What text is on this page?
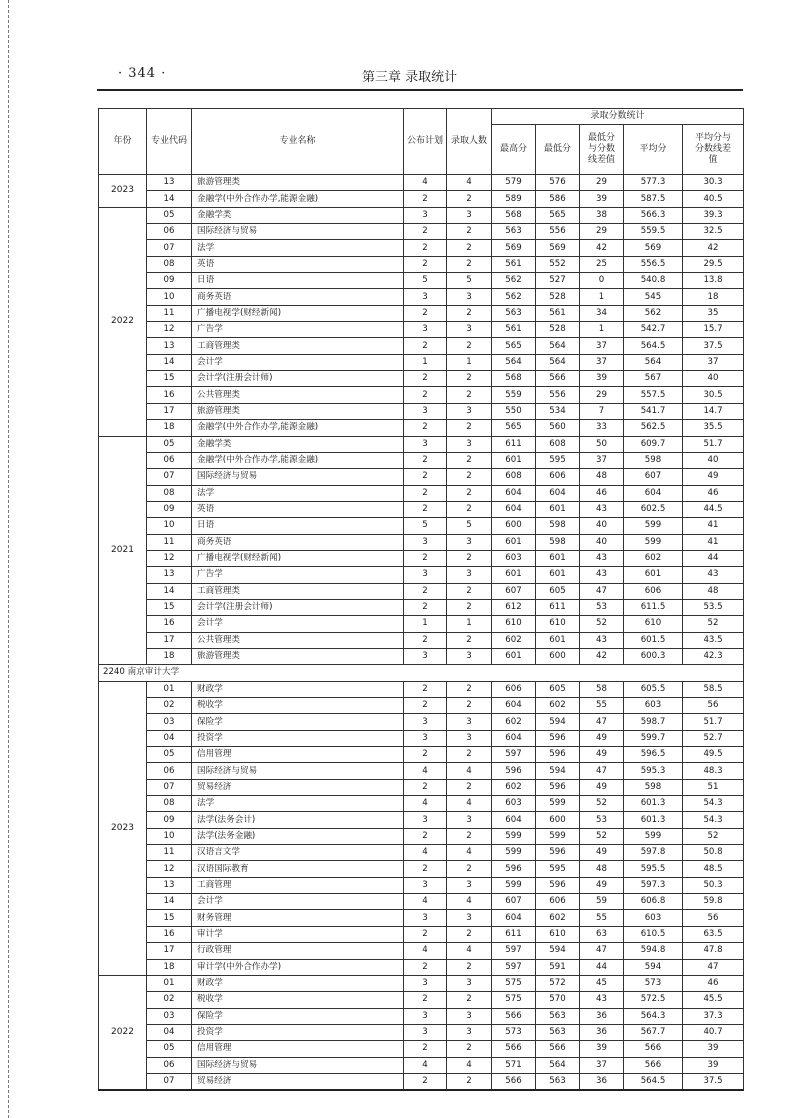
· 344 ·	第三章 录取统计
年份	专业代码	专业名称	公布计划	录取人数	录取分数统计				
					最高分	最低分	最低分与分数线差值	平均分	平均分与分数线差值
2023	13	旅游管理类	4	4	579	576	29	577.3	30.3
	14	金融学(中外合作办学,能源金融)	2	2	589	586	39	587.5	40.5
2022	05	金融学类	3	3	568	565	38	566.3	39.3
	06	国际经济与贸易	2	2	563	556	29	559.5	32.5
	07	法学	2	2	569	569	42	569	42
	08	英语	2	2	561	552	25	556.5	29.5
	09	日语	5	5	562	527	0	540.8	13.8
	10	商务英语	3	3	562	528	1	545	18
	11	广播电视学(财经新闻)	2	2	563	561	34	562	35
	12	广告学	3	3	561	528	1	542.7	15.7
	13	工商管理类	2	2	565	564	37	564.5	37.5
	14	会计学	1	1	564	564	37	564	37
	15	会计学(注册会计师)	2	2	568	566	39	567	40
	16	公共管理类	2	2	559	556	29	557.5	30.5
	17	旅游管理类	3	3	550	534	7	541.7	14.7
	18	金融学(中外合作办学,能源金融)	2	2	565	560	33	562.5	35.5
2021	05	金融学类	3	3	611	608	50	609.7	51.7
	06	金融学(中外合作办学,能源金融)	2	2	601	595	37	598	40
	07	国际经济与贸易	2	2	608	606	48	607	49
	08	法学	2	2	604	604	46	604	46
	09	英语	2	2	604	601	43	602.5	44.5
	10	日语	5	5	600	598	40	599	41
	11	商务英语	3	3	601	598	40	599	41
	12	广播电视学(财经新闻)	2	2	603	601	43	602	44
	13	广告学	3	3	601	601	43	601	43
	14	工商管理类	2	2	607	605	47	606	48
	15	会计学(注册会计师)	2	2	612	611	53	611.5	53.5
	16	会计学	1	1	610	610	52	610	52
	17	公共管理类	2	2	602	601	43	601.5	43.5
	18	旅游管理类	3	3	601	600	42	600.3	42.3
2240 南京审计大学									
2023	01	财政学	2	2	606	605	58	605.5	58.5
	02	税收学	2	2	604	602	55	603	56
	03	保险学	3	3	602	594	47	598.7	51.7
	04	投资学	3	3	604	596	49	599.7	52.7
	05	信用管理	2	2	597	596	49	596.5	49.5
	06	国际经济与贸易	4	4	596	594	47	595.3	48.3
	07	贸易经济	2	2	602	596	49	598	51
	08	法学	4	4	603	599	52	601.3	54.3
	09	法学(法务会计)	3	3	604	600	53	601.3	54.3
	10	法学(法务金融)	2	2	599	599	52	599	52
	11	汉语言文学	4	4	599	596	49	597.8	50.8
	12	汉语国际教育	2	2	596	595	48	595.5	48.5
	13	工商管理	3	3	599	596	49	597.3	50.3
	14	会计学	4	4	607	606	59	606.8	59.8
	15	财务管理	3	3	604	602	55	603	56
	16	审计学	2	2	611	610	63	610.5	63.5
	17	行政管理	4	4	597	594	47	594.8	47.8
	18	审计学(中外合作办学)	2	2	597	591	44	594	47
2022	01	财政学	3	3	575	572	45	573	46
	02	税收学	2	2	575	570	43	572.5	45.5
	03	保险学	3	3	566	563	36	564.3	37.3
	04	投资学	3	3	573	563	36	567.7	40.7
	05	信用管理	2	2	566	566	39	566	39
	06	国际经济与贸易	4	4	571	564	37	566	39
	07	贸易经济	2	2	566	563	36	564.5	37.5
